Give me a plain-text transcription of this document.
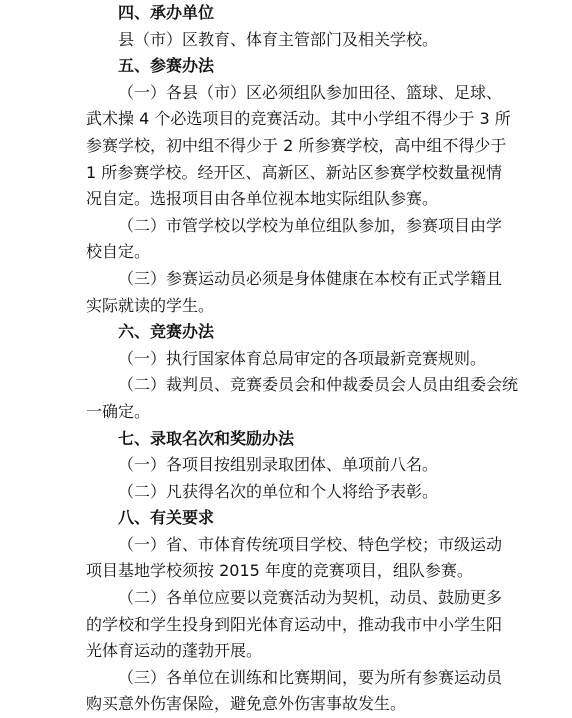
四、承办单位
县（市）区教育、体育主管部门及相关学校。
五、参赛办法
（一）各县（市）区必须组队参加田径、篮球、足球、
武术操 4 个必选项目的竞赛活动。其中小学组不得少于 3 所
参赛学校，初中组不得少于 2 所参赛学校，高中组不得少于
1 所参赛学校。经开区、高新区、新站区参赛学校数量视情
况自定。选报项目由各单位视本地实际组队参赛。
（二）市管学校以学校为单位组队参加，参赛项目由学
校自定。
（三）参赛运动员必须是身体健康在本校有正式学籍且
实际就读的学生。
六、竞赛办法
（一）执行国家体育总局审定的各项最新竞赛规则。
（二）裁判员、竞赛委员会和仲裁委员会人员由组委会统
一确定。
七、录取名次和奖励办法
（一）各项目按组别录取团体、单项前八名。
（二）凡获得名次的单位和个人将给予表彰。
八、有关要求
（一）省、市体育传统项目学校、特色学校；市级运动
项目基地学校须按 2015 年度的竞赛项目，组队参赛。
（二）各单位应要以竞赛活动为契机，动员、鼓励更多
的学校和学生投身到阳光体育运动中，推动我市中小学生阳
光体育运动的蓬勃开展。
（三）各单位在训练和比赛期间，要为所有参赛运动员
购买意外伤害保险，避免意外伤害事故发生。
